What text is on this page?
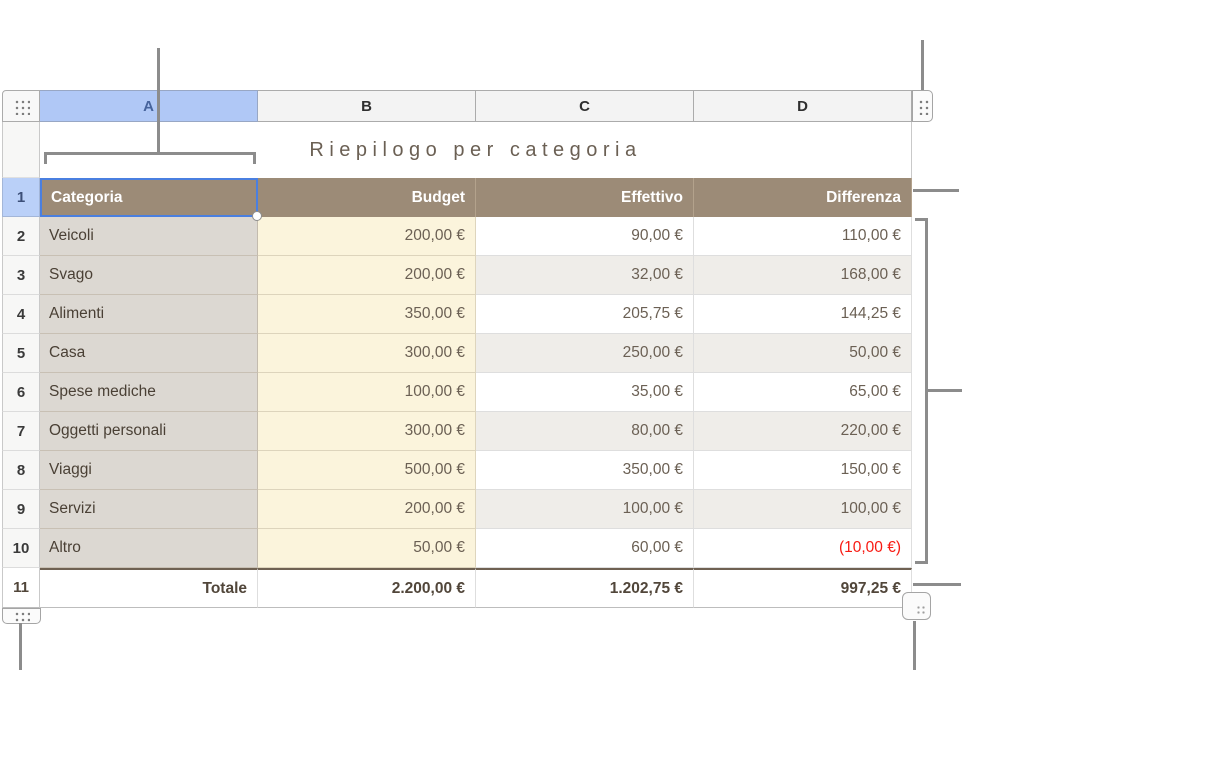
A	B	C	D
Riepilogo per categoria
1	Categoria	Budget	Effettivo	Differenza
2	Veicoli	200,00 €	90,00 €	110,00 €
3	Svago	200,00 €	32,00 €	168,00 €
4	Alimenti	350,00 €	205,75 €	144,25 €
5	Casa	300,00 €	250,00 €	50,00 €
6	Spese mediche	100,00 €	35,00 €	65,00 €
7	Oggetti personali	300,00 €	80,00 €	220,00 €
8	Viaggi	500,00 €	350,00 €	150,00 €
9	Servizi	200,00 €	100,00 €	100,00 €
10	Altro	50,00 €	60,00 €	(10,00 €)
11	Totale	2.200,00 €	1.202,75 €	997,25 €
